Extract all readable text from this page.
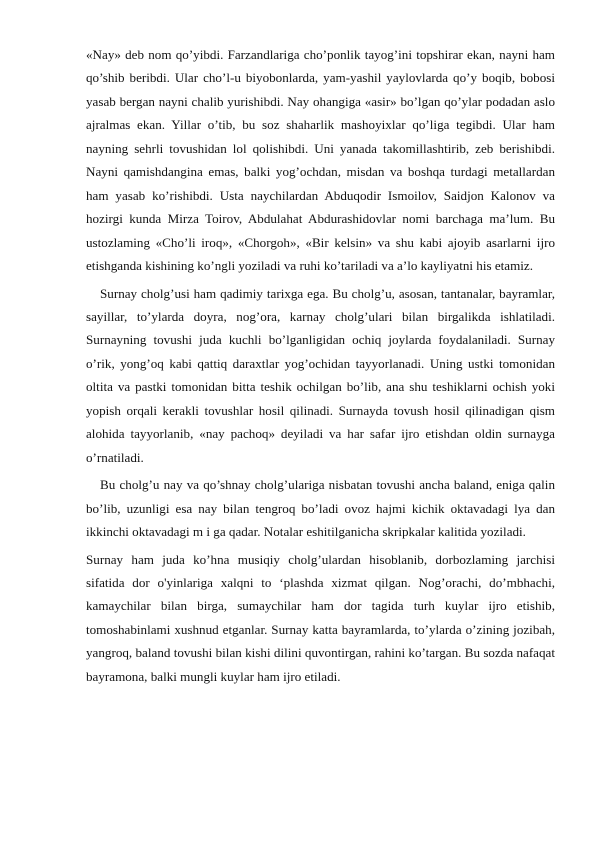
«Nay» deb nom qo’yibdi. Farzandlariga cho’ponlik tayog’ini topshirar ekan, nayni ham qo’shib beribdi. Ular cho’l-u biyobonlarda, yam-yashil yaylovlarda qo’y boqib, bobosi yasab bergan nayni chalib yurishibdi. Nay ohangiga «asir» bo’lgan qo’ylar podadan aslo ajralmas ekan. Yillar o’tib, bu soz shaharlik mashoyixlar qo’liga tegibdi. Ular ham nayning sehrli tovushidan lol qolishibdi. Uni yanada takomillashtirib, zeb berishibdi. Nayni qamishdangina emas, balki yog’ochdan, misdan va boshqa turdagi metallardan ham yasab ko’rishibdi. Usta naychilardan Abduqodir Ismoilov, Saidjon Kalonov va hozirgi kunda Mirza Toirov, Abdulahat Abdurashidovlar nomi barchaga ma’lum. Bu ustozlaming «Cho’li iroq», «Chorgoh», «Bir kelsin» va shu kabi ajoyib asarlarni ijro etishganda kishining ko’ngli yoziladi va ruhi ko’tariladi va a’lo kayliyatni his etamiz.

Surnay cholg’usi ham qadimiy tarixga ega. Bu cholg’u, asosan, tantanalar, bayramlar, sayillar, to’ylarda doyra, nog’ora, karnay cholg’ulari bilan birgalikda ishlatiladi. Surnayning tovushi juda kuchli bo’lganligidan ochiq joylarda foydalaniladi. Surnay o’rik, yong’oq kabi qattiq daraxtlar yog’ochidan tayyorlanadi. Uning ustki tomonidan oltita va pastki tomonidan bitta teshik ochilgan bo’lib, ana shu teshiklarni ochish yoki yopish orqali kerakli tovushlar hosil qilinadi. Surnayda tovush hosil qilinadigan qism alohida tayyorlanib, «nay pachoq» deyiladi va har safar ijro etishdan oldin surnayga o’rnatiladi.

Bu cholg’u nay va qo’shnay cholg’ulariga nisbatan tovushi ancha baland, eniga qalin bo’lib, uzunligi esa nay bilan tengroq bo’ladi ovoz hajmi kichik oktavadagi lya dan ikkinchi oktavadagi m i ga qadar. Notalar eshitilganicha skripkalar kalitida yoziladi.

Surnay ham juda ko’hna musiqiy cholg’ulardan hisoblanib, dorbozlaming jarchisi sifatida dor o'yinlariga xalqni to ‘plashda xizmat qilgan. Nog’orachi, do’mbhachi, kamaychilar bilan birga, sumaychilar ham dor tagida turh kuylar ijro etishib, tomoshabinlami xushnud etganlar. Surnay katta bayramlarda, to’ylarda o’zining jozibah, yangroq, baland tovushi bilan kishi dilini quvontirgan, rahini ko’targan. Bu sozda nafaqat bayramona, balki mungli kuylar ham ijro etiladi.
